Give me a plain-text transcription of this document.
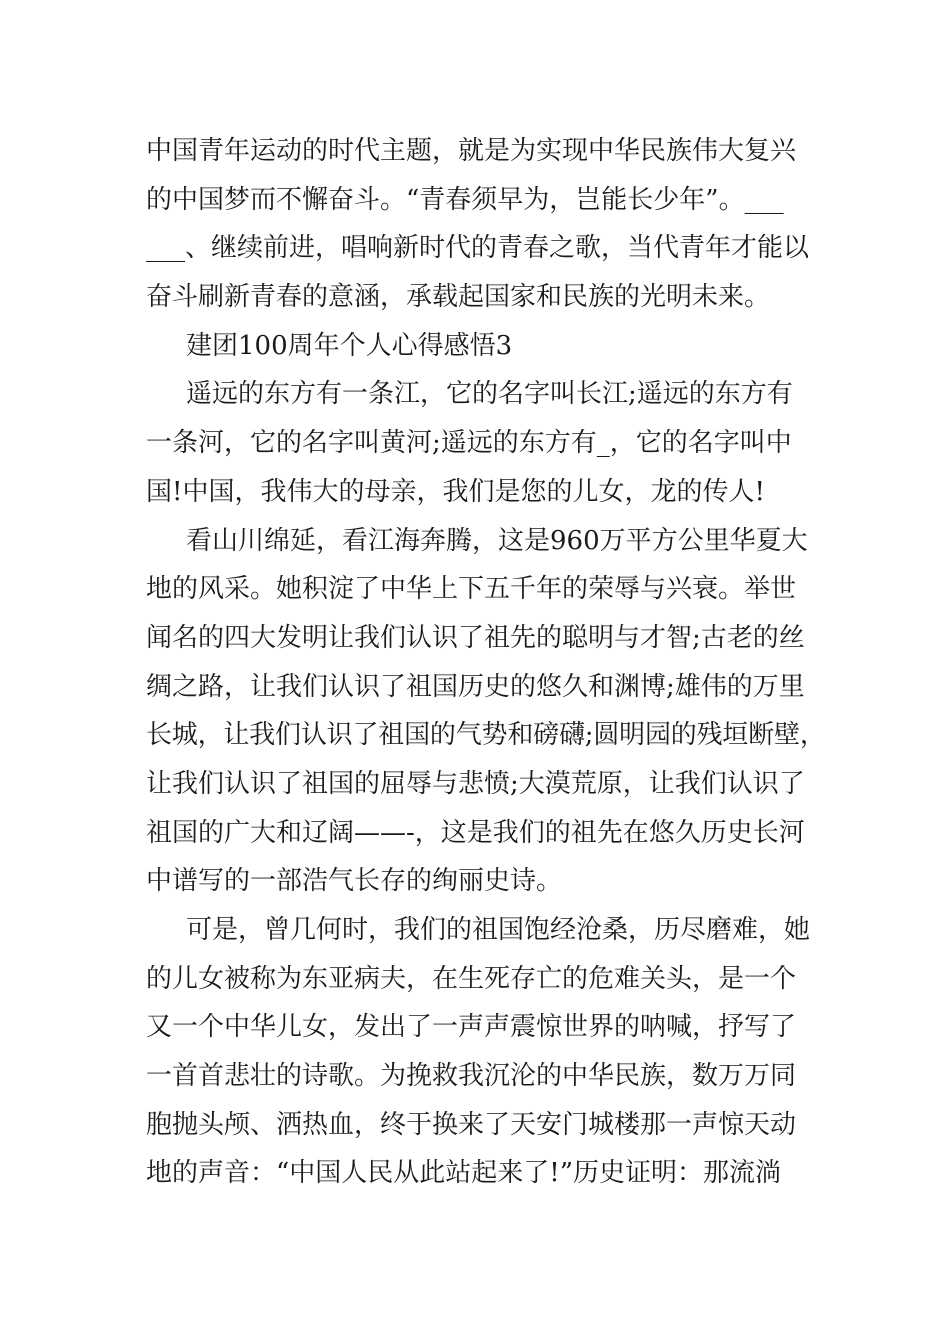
中国青年运动的时代主题，就是为实现中华民族伟大复兴
的中国梦而不懈奋斗。“青春须早为，岂能长少年”。___
___、继续前进，唱响新时代的青春之歌，当代青年才能以
奋斗刷新青春的意涵，承载起国家和民族的光明未来。
建团100周年个人心得感悟3
遥远的东方有一条江，它的名字叫长江;遥远的东方有
一条河，它的名字叫黄河;遥远的东方有_，它的名字叫中
国!中国，我伟大的母亲，我们是您的儿女，龙的传人!
看山川绵延，看江海奔腾，这是960万平方公里华夏大
地的风采。她积淀了中华上下五千年的荣辱与兴衰。举世
闻名的四大发明让我们认识了祖先的聪明与才智;古老的丝
绸之路，让我们认识了祖国历史的悠久和渊博;雄伟的万里
长城，让我们认识了祖国的气势和磅礴;圆明园的残垣断壁，
让我们认识了祖国的屈辱与悲愤;大漠荒原，让我们认识了
祖国的广大和辽阔——-，这是我们的祖先在悠久历史长河
中谱写的一部浩气长存的绚丽史诗。
可是，曾几何时，我们的祖国饱经沧桑，历尽磨难，她
的儿女被称为东亚病夫，在生死存亡的危难关头，是一个
又一个中华儿女，发出了一声声震惊世界的呐喊，抒写了
一首首悲壮的诗歌。为挽救我沉沦的中华民族，数万万同
胞抛头颅、洒热血，终于换来了天安门城楼那一声惊天动
地的声音：“中国人民从此站起来了!”历史证明：那流淌
